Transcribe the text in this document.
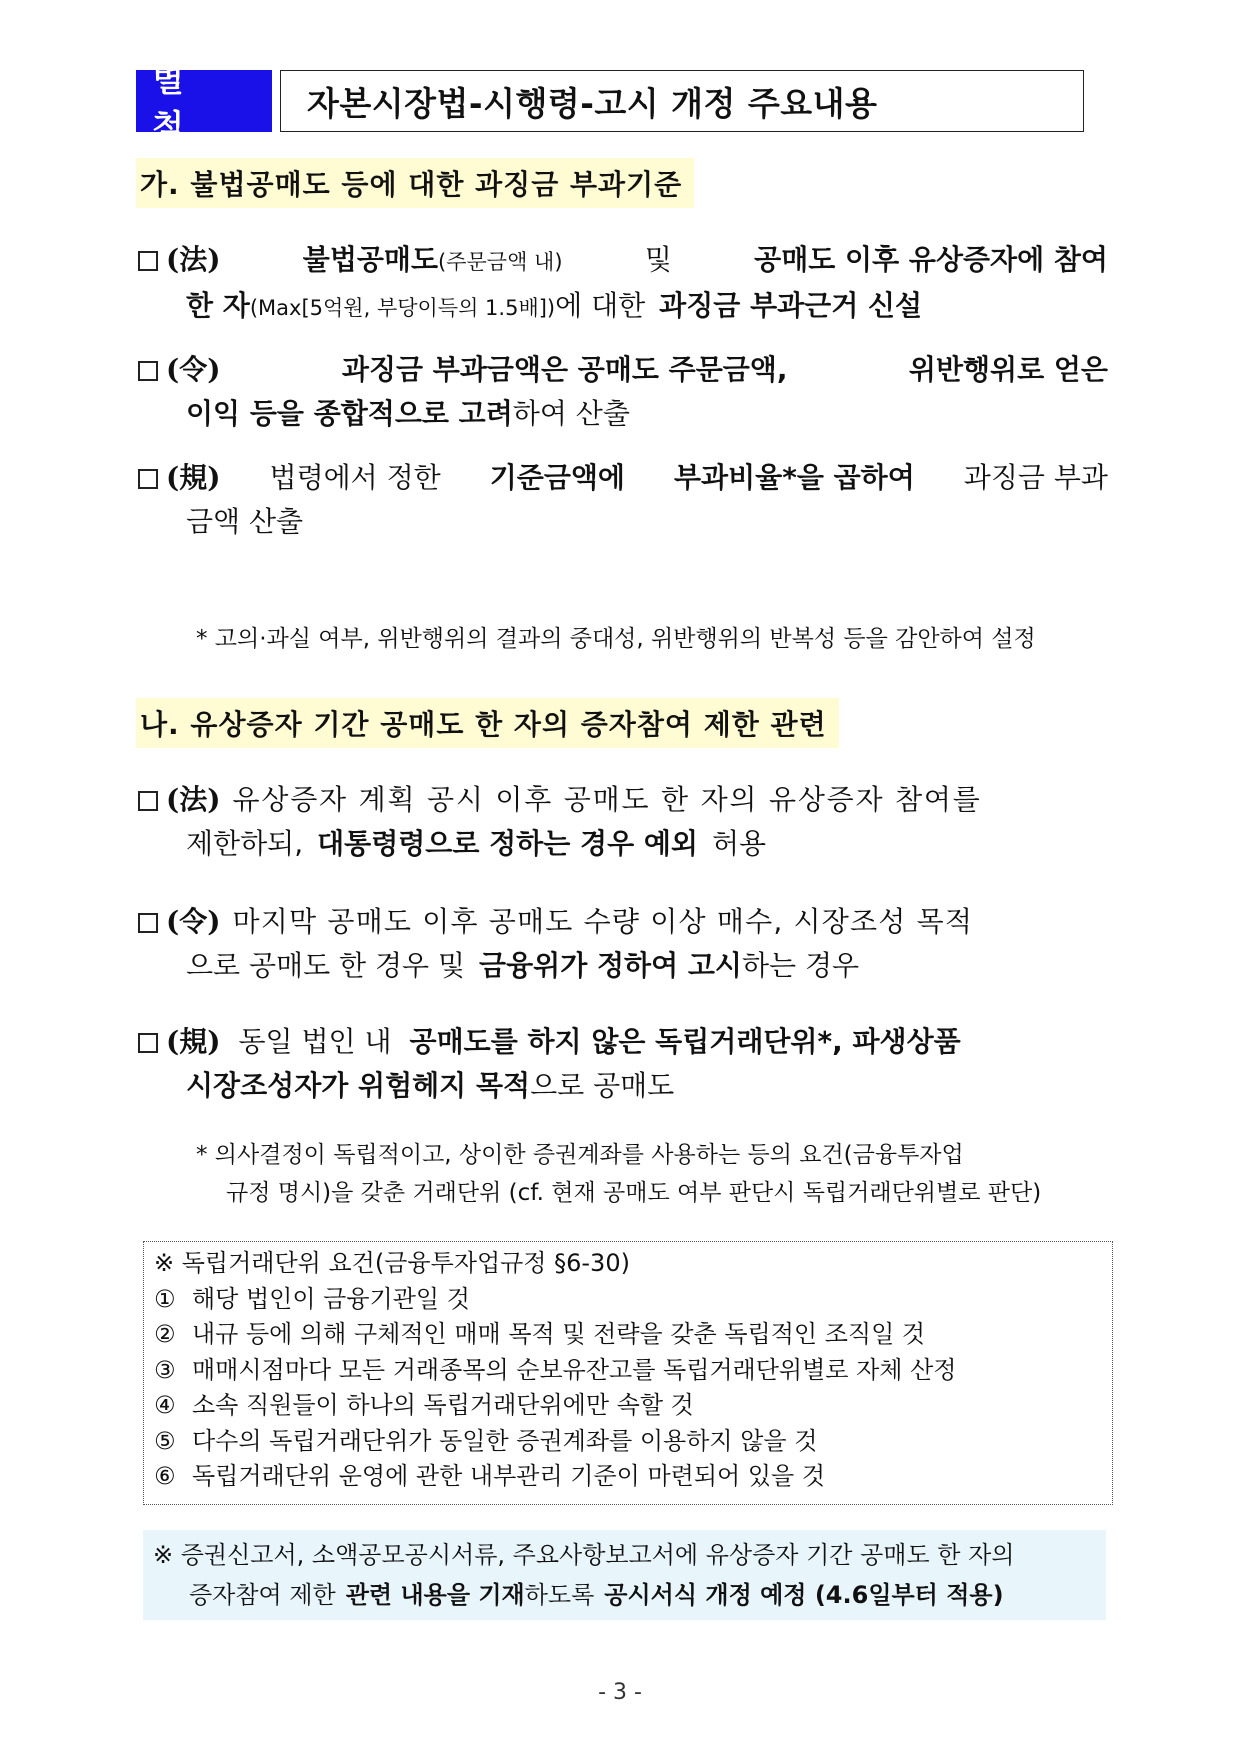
별 첨
자본시장법-시행령-고시 개정 주요내용
가. 불법공매도 등에 대한 과징금 부과기준
(法)	불법공매도(주문금액 내)	및	공매도 이후 유상증자에 참여
한 자(Max[5억원, 부당이득의 1.5배])에 대한 과징금 부과근거 신설
(令)	과징금 부과금액은 공매도 주문금액,	위반행위로 얻은
이익 등을 종합적으로 고려 하여 산출
(規) 법령에서 정한 기준금액에 부과비율*을 곱하여 과징금 부과
금액 산출
* 고의·과실 여부, 위반행위의 결과의 중대성, 위반행위의 반복성 등을 감안하여 설정
나. 유상증자 기간 공매도 한 자의 증자참여 제한 관련
(法) 유상증자 계획 공시 이후 공매도 한 자의 유상증자 참여를
제한하되, 대통령령으로 정하는 경우 예외 허용
(令) 마지막 공매도 이후 공매도 수량 이상 매수, 시장조성 목적
으로 공매도 한 경우 및 금융위가 정하여 고시 하는 경우
(規) 동일 법인 내 공매도를 하지 않은 독립거래단위*, 파생상품
시장조성자가 위험헤지 목적 으로 공매도
* 의사결정이 독립적이고, 상이한 증권계좌를 사용하는 등의 요건(금융투자업
규정 명시)을 갖춘 거래단위 (cf. 현재 공매도 여부 판단시 독립거래단위별로 판단)
※ 독립거래단위 요건(금융투자업규정 §6-30)
① 해당 법인이 금융기관일 것
② 내규 등에 의해 구체적인 매매 목적 및 전략을 갖춘 독립적인 조직일 것
③ 매매시점마다 모든 거래종목의 순보유잔고를 독립거래단위별로 자체 산정
④ 소속 직원들이 하나의 독립거래단위에만 속할 것
⑤ 다수의 독립거래단위가 동일한 증권계좌를 이용하지 않을 것
⑥ 독립거래단위 운영에 관한 내부관리 기준이 마련되어 있을 것
※ 증권신고서, 소액공모공시서류, 주요사항보고서에 유상증자 기간 공매도 한 자의
증자참여 제한 관련 내용을 기재 하도록 공시서식 개정 예정 (4.6일부터 적용)
- 3 -
